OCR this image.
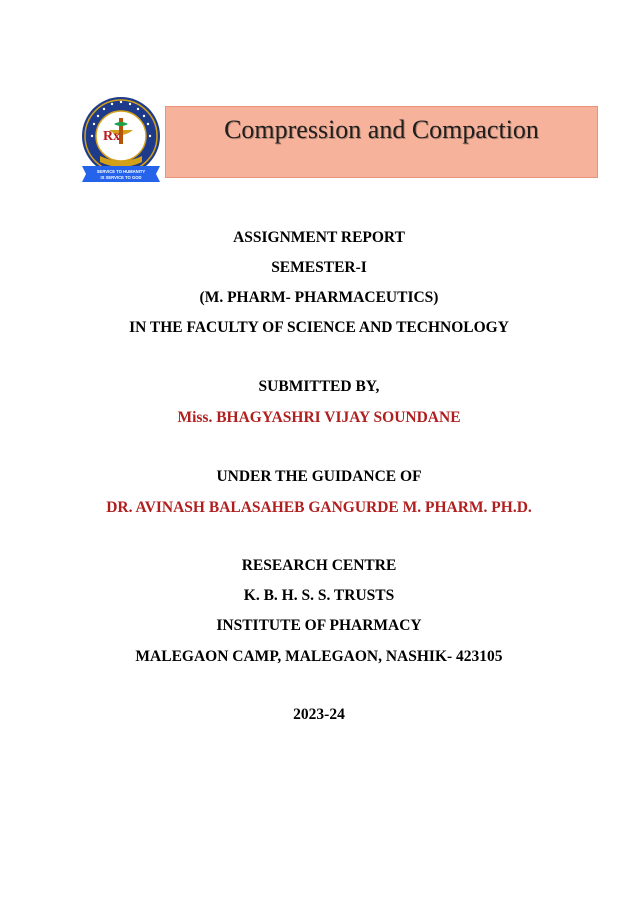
Rx
SERVICE TO HUMANITY
IS SERVICE TO GOD
Compression and Compaction
ASSIGNMENT REPORT
SEMESTER-I
(M. PHARM- PHARMACEUTICS)
IN THE FACULTY OF SCIENCE AND TECHNOLOGY
SUBMITTED BY,
Miss. BHAGYASHRI VIJAY SOUNDANE
UNDER THE GUIDANCE OF
DR. AVINASH BALASAHEB GANGURDE M. PHARM. PH.D.
RESEARCH CENTRE
K. B. H. S. S. TRUSTS
INSTITUTE OF PHARMACY
MALEGAON CAMP, MALEGAON, NASHIK- 423105
2023-24
